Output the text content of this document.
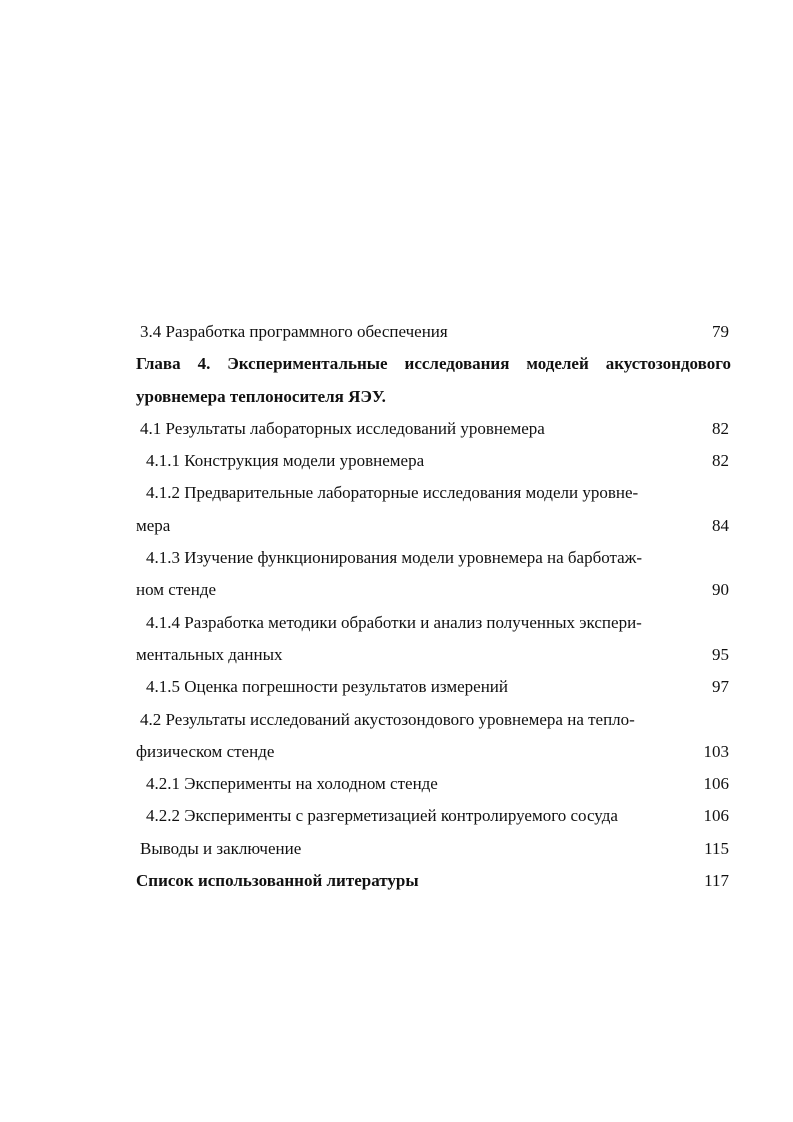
3.4 Разработка программного обеспечения	79
Глава 4. Экспериментальные исследования моделей акустозондового
уровнемера теплоносителя ЯЭУ.
4.1 Результаты лабораторных исследований уровнемера	82
4.1.1 Конструкция модели уровнемера	82
4.1.2 Предварительные лабораторные исследования модели уровне-
мера	84
4.1.3 Изучение функционирования модели уровнемера на барботаж-
ном стенде	90
4.1.4 Разработка методики обработки и анализ полученных экспери-
ментальных данных	95
4.1.5 Оценка погрешности результатов измерений	97
4.2 Результаты исследований акустозондового уровнемера на тепло-
физическом стенде	103
4.2.1 Эксперименты на холодном стенде	106
4.2.2 Эксперименты с разгерметизацией контролируемого сосуда	106
Выводы и заключение	115
Список использованной литературы	117
